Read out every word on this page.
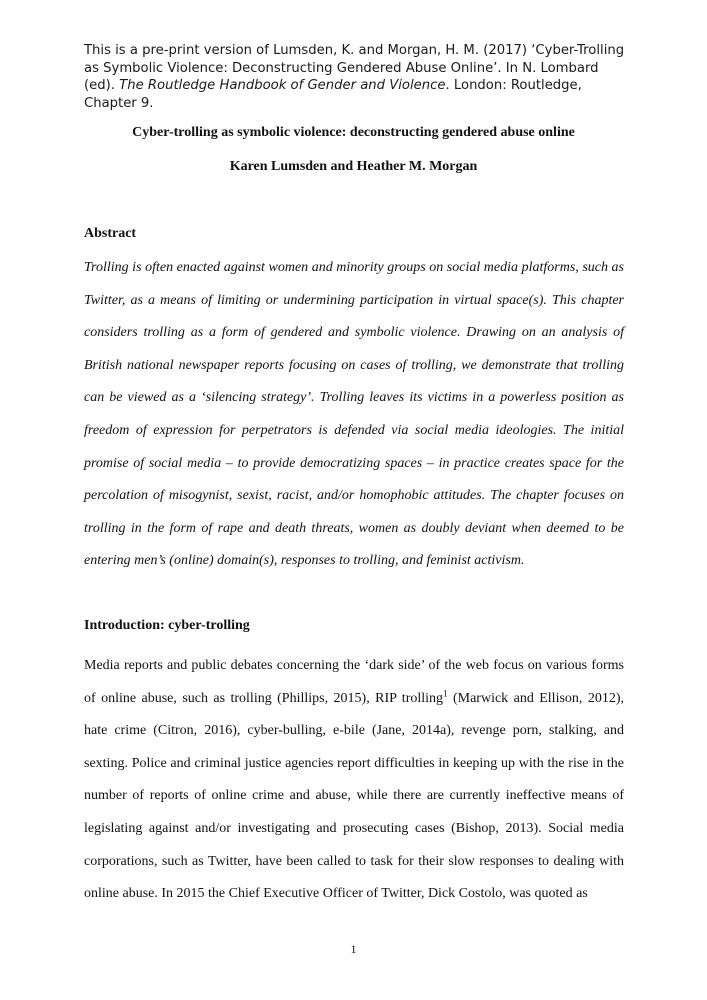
This is a pre-print version of Lumsden, K. and Morgan, H. M. (2017) ‘Cyber-Trolling as Symbolic Violence: Deconstructing Gendered Abuse Online’. In N. Lombard (ed). The Routledge Handbook of Gender and Violence. London: Routledge, Chapter 9.
Cyber-trolling as symbolic violence: deconstructing gendered abuse online
Karen Lumsden and Heather M. Morgan
Abstract
Trolling is often enacted against women and minority groups on social media platforms, such as Twitter, as a means of limiting or undermining participation in virtual space(s). This chapter considers trolling as a form of gendered and symbolic violence. Drawing on an analysis of British national newspaper reports focusing on cases of trolling, we demonstrate that trolling can be viewed as a ‘silencing strategy’. Trolling leaves its victims in a powerless position as freedom of expression for perpetrators is defended via social media ideologies. The initial promise of social media – to provide democratizing spaces – in practice creates space for the percolation of misogynist, sexist, racist, and/or homophobic attitudes. The chapter focuses on trolling in the form of rape and death threats, women as doubly deviant when deemed to be entering men’s (online) domain(s), responses to trolling, and feminist activism.
Introduction: cyber-trolling
Media reports and public debates concerning the ‘dark side’ of the web focus on various forms of online abuse, such as trolling (Phillips, 2015), RIP trolling$^1$ (Marwick and Ellison, 2012), hate crime (Citron, 2016), cyber-bulling, e-bile (Jane, 2014a), revenge porn, stalking, and sexting. Police and criminal justice agencies report difficulties in keeping up with the rise in the number of reports of online crime and abuse, while there are currently ineffective means of legislating against and/or investigating and prosecuting cases (Bishop, 2013). Social media corporations, such as Twitter, have been called to task for their slow responses to dealing with online abuse. In 2015 the Chief Executive Officer of Twitter, Dick Costolo, was quoted as
1
